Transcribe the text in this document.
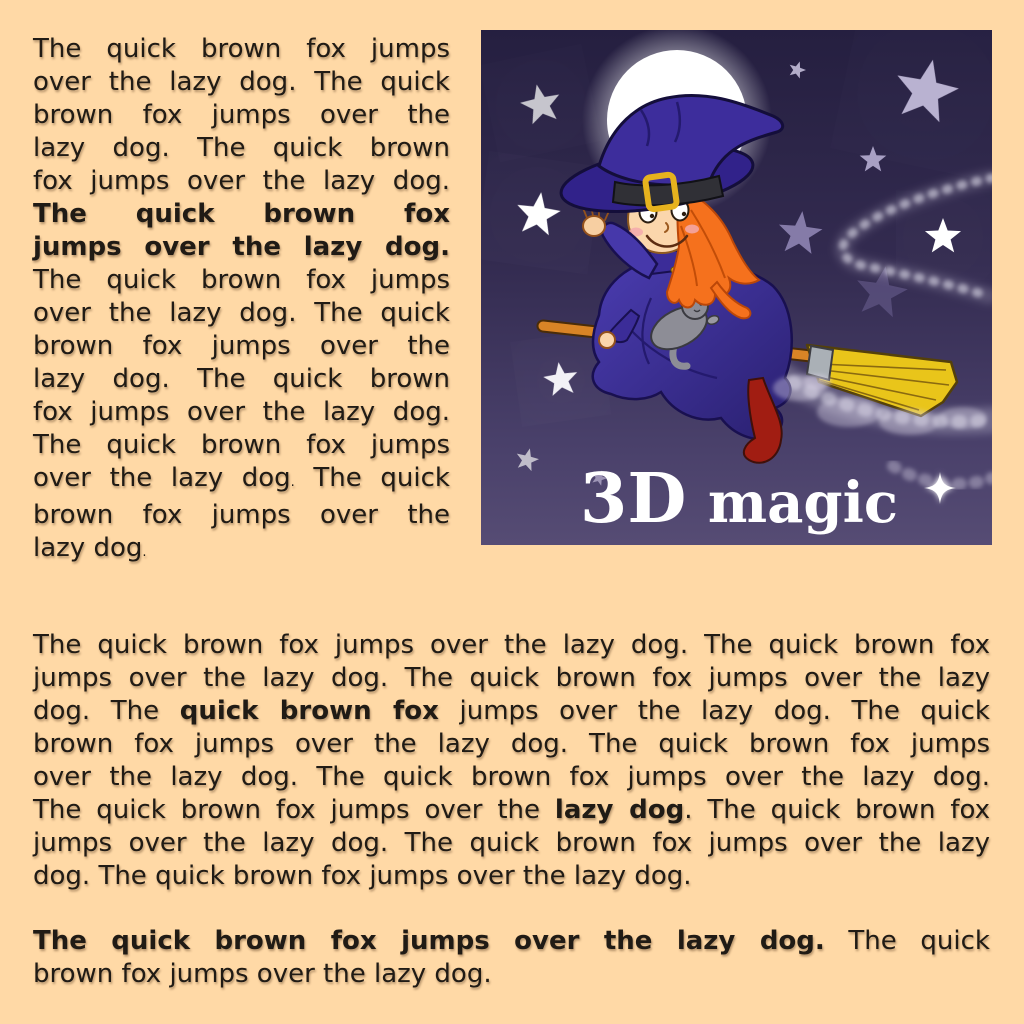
The quick brown fox jumps
over the lazy dog. The quick
brown fox jumps over the
lazy dog. The quick brown
fox jumps over the lazy dog.
The quick brown fox
jumps over the lazy dog.
The quick brown fox jumps
over the lazy dog. The quick
brown fox jumps over the
lazy dog. The quick brown
fox jumps over the lazy dog.
The quick brown fox jumps
over the lazy dog. The quick
brown fox jumps over the
lazy dog.
3D magic
The quick brown fox jumps over the lazy dog. The quick brown fox
jumps over the lazy dog. The quick brown fox jumps over the lazy
dog. The quick brown fox jumps over the lazy dog. The quick
brown fox jumps over the lazy dog. The quick brown fox jumps
over the lazy dog. The quick brown fox jumps over the lazy dog.
The quick brown fox jumps over the lazy dog. The quick brown fox
jumps over the lazy dog. The quick brown fox jumps over the lazy
dog. The quick brown fox jumps over the lazy dog.
The quick brown fox jumps over the lazy dog. The quick
brown fox jumps over the lazy dog.
